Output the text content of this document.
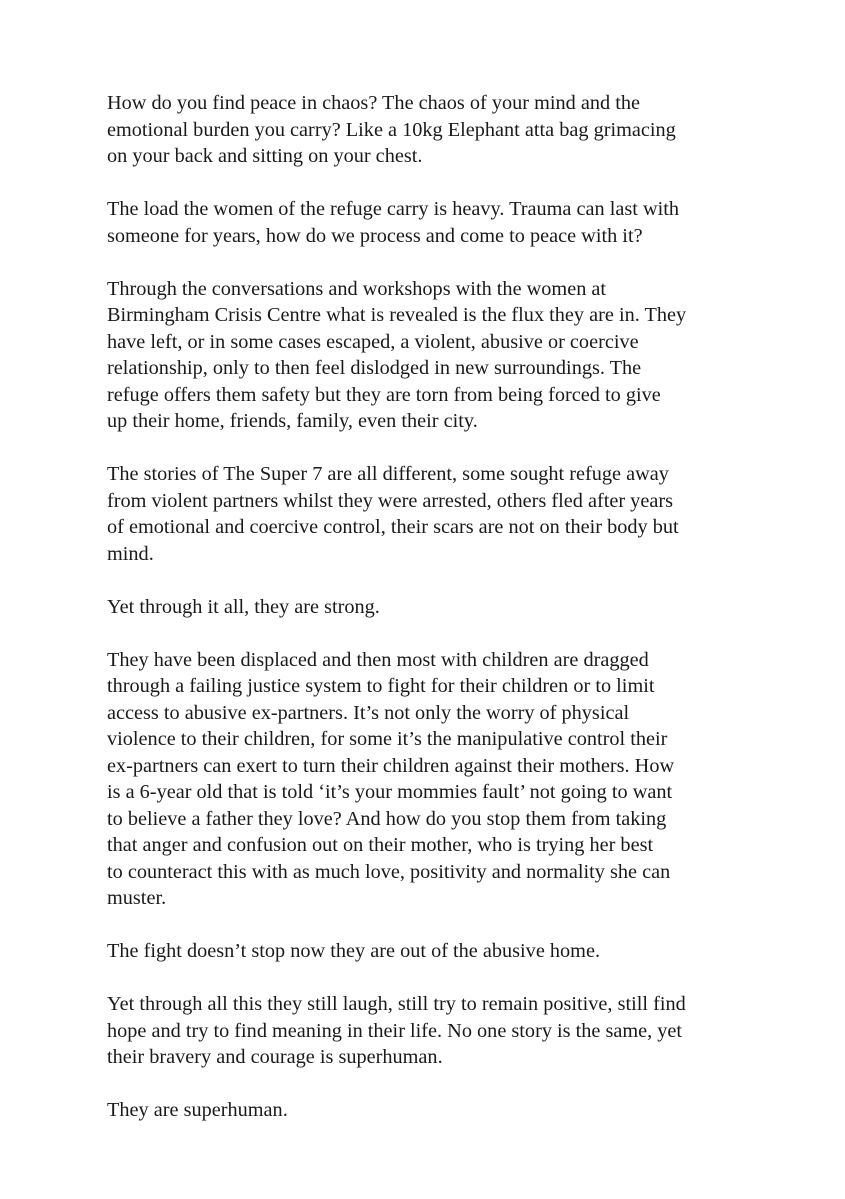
How do you find peace in chaos? The chaos of your mind and the
emotional burden you carry? Like a 10kg Elephant atta bag grimacing
on your back and sitting on your chest.

The load the women of the refuge carry is heavy. Trauma can last with
someone for years, how do we process and come to peace with it?

Through the conversations and workshops with the women at
Birmingham Crisis Centre what is revealed is the flux they are in. They
have left, or in some cases escaped, a violent, abusive or coercive
relationship, only to then feel dislodged in new surroundings. The
refuge offers them safety but they are torn from being forced to give
up their home, friends, family, even their city.

The stories of The Super 7 are all different, some sought refuge away
from violent partners whilst they were arrested, others fled after years
of emotional and coercive control, their scars are not on their body but
mind.

Yet through it all, they are strong.

They have been displaced and then most with children are dragged
through a failing justice system to fight for their children or to limit
access to abusive ex-partners. It’s not only the worry of physical
violence to their children, for some it’s the manipulative control their
ex-partners can exert to turn their children against their mothers. How
is a 6-year old that is told ‘it’s your mommies fault’ not going to want
to believe a father they love? And how do you stop them from taking
that anger and confusion out on their mother, who is trying her best
to counteract this with as much love, positivity and normality she can
muster.

The fight doesn’t stop now they are out of the abusive home.

Yet through all this they still laugh, still try to remain positive, still find
hope and try to find meaning in their life. No one story is the same, yet
their bravery and courage is superhuman.

They are superhuman.
